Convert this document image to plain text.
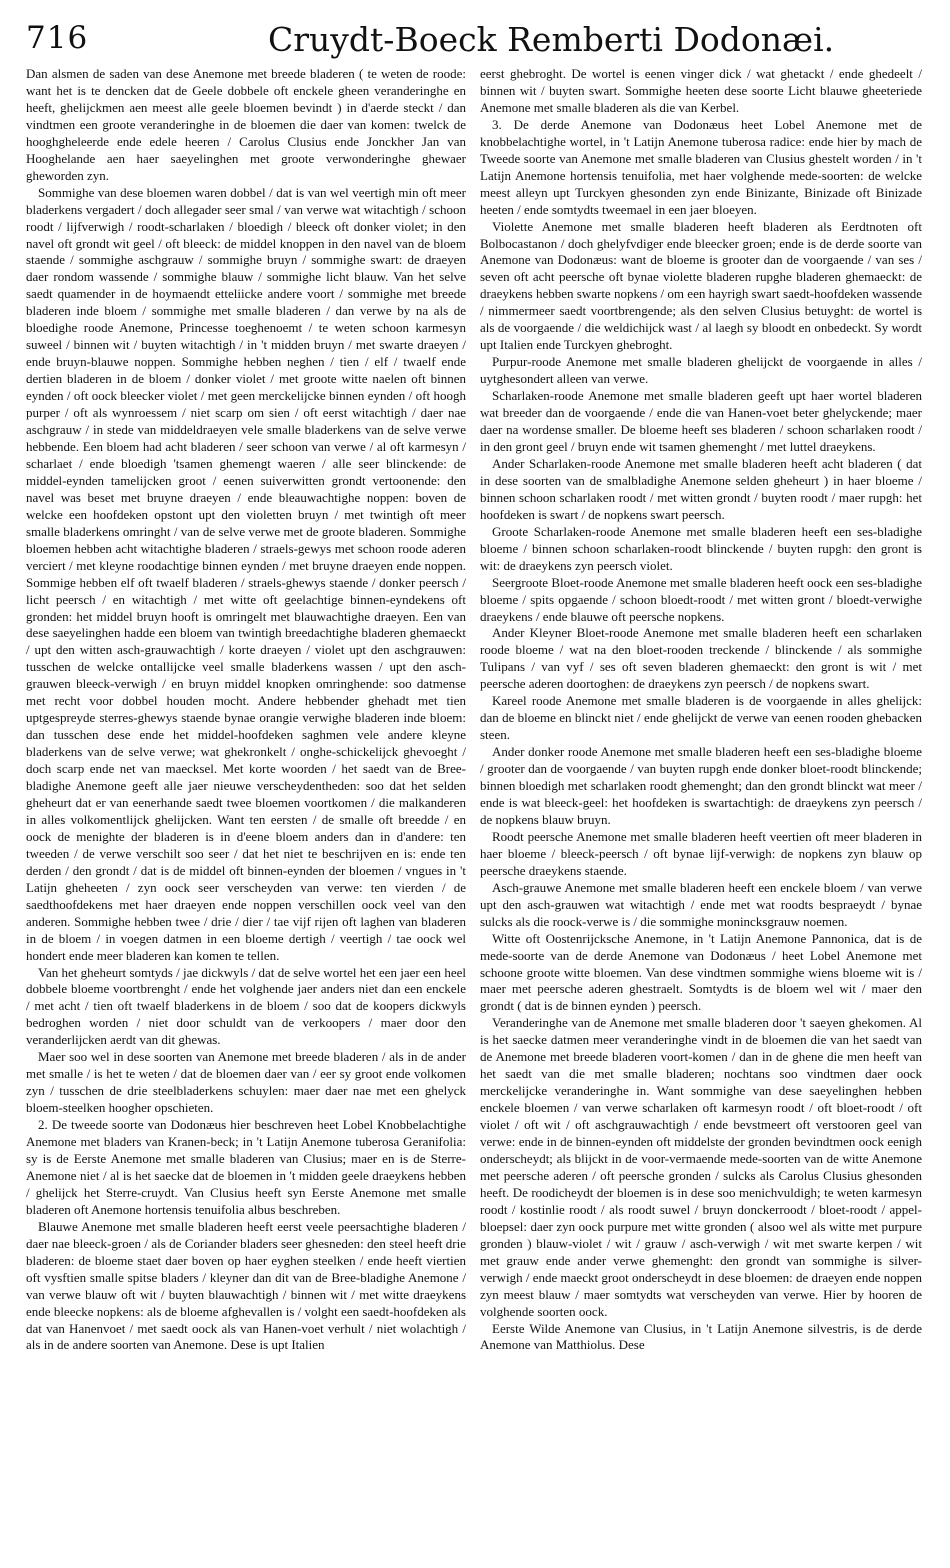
716	Cruydt-Boeck Remberti Dodonæi.

Dan alsmen de saden van dese Anemone met breede bladeren ( te weten de roode: want het is te dencken dat de Geele dobbele oft enckele gheen veranderinghe en heeft, ghelijckmen aen meest alle geele bloemen bevindt ) in d'aerde steckt / dan vindtmen een groote veranderinghe in de bloemen die daer van komen: twelck de hooghgheleerde ende edele heeren / Carolus Clusius ende Jonckher Jan van Hooghelande aen haer saeyelinghen met groote verwonderinghe ghewaer gheworden zyn.

Sommighe van dese bloemen waren dobbel / dat is van wel veertigh min oft meer bladerkens vergadert / doch allegader seer smal / van verwe wat witachtigh / schoon roodt / lijfverwigh / roodt-scharlaken / bloedigh / bleeck oft donker violet; in den navel oft grondt wit geel / oft bleeck: de middel knoppen in den navel van de bloem staende / sommighe aschgrauw / sommighe bruyn / sommighe swart: de draeyen daer rondom wassende / sommighe blauw / sommighe licht blauw. Van het selve saedt quamender in de hoymaendt etteliicke andere voort / sommighe met breede bladeren inde bloem / sommighe met smalle bladeren / dan verwe by na als de bloedighe roode Anemone, Princesse toeghenoemt / te weten schoon karmesyn suweel / binnen wit / buyten witachtigh / in 't midden bruyn / met swarte draeyen / ende bruyn-blauwe noppen. Sommighe hebben neghen / tien / elf / twaelf ende dertien bladeren in de bloem / donker violet / met groote witte naelen oft binnen eynden / oft oock bleecker violet / met geen merckelijcke binnen eynden / oft hoogh purper / oft als wynroessem / niet scarp om sien / oft eerst witachtigh / daer nae aschgrauw / in stede van middeldraeyen vele smalle bladerkens van de selve verwe hebbende. Een bloem had acht bladeren / seer schoon van verwe / al oft karmesyn / scharlaet / ende bloedigh 'tsamen ghemengt waeren / alle seer blinckende: de middel-eynden tamelijcken groot / eenen suiverwitten grondt vertoonende: den navel was beset met bruyne draeyen / ende bleauwachtighe noppen: boven de welcke een hoofdeken opstont upt den violetten bruyn / met twintigh oft meer smalle bladerkens omringht / van de selve verwe met de groote bladeren. Sommighe bloemen hebben acht witachtighe bladeren / straels-gewys met schoon roode aderen verciert / met kleyne roodachtige binnen eynden / met bruyne draeyen ende noppen. Sommige hebben elf oft twaelf bladeren / straels-ghewys staende / donker peersch / licht peersch / en witachtigh / met witte oft geelachtige binnen-eyndekens oft gronden: het middel bruyn hooft is omringelt met blauwachtighe draeyen. Een van dese saeyelinghen hadde een bloem van twintigh breedachtighe bladeren ghemaeckt / upt den witten asch-grauwachtigh / korte draeyen / violet upt den aschgrauwen: tusschen de welcke ontallijcke veel smalle bladerkens wassen / upt den asch-grauwen bleeck-verwigh / en bruyn middel knopken omringhende: soo datmense met recht voor dobbel houden mocht. Andere hebbender ghehadt met tien uptgespreyde sterres-ghewys staende bynae orangie verwighe bladeren inde bloem: dan tusschen dese ende het middel-hoofdeken saghmen vele andere kleyne bladerkens van de selve verwe; wat ghekronkelt / onghe-schickelijck ghevoeght / doch scarp ende net van maecksel. Met korte woorden / het saedt van de Bree-bladighe Anemone geeft alle jaer nieuwe verscheydentheden: soo dat het selden gheheurt dat er van eenerhande saedt twee bloemen voortkomen / die malkanderen in alles volkomentlijck ghelijcken. Want ten eersten / de smalle oft breedde / en oock de menighte der bladeren is in d'eene bloem anders dan in d'andere: ten tweeden / de verwe verschilt soo seer / dat het niet te beschrijven en is: ende ten derden / den grondt / dat is de middel oft binnen-eynden der bloemen / vngues in 't Latijn gheheeten / zyn oock seer verscheyden van verwe: ten vierden / de saedthoofdekens met haer draeyen ende noppen verschillen oock veel van den anderen. Sommighe hebben twee / drie / dier / tae vijf rijen oft laghen van bladeren in de bloem / in voegen datmen in een bloeme dertigh / veertigh / tae oock wel hondert ende meer bladeren kan komen te tellen.

Van het gheheurt somtyds / jae dickwyls / dat de selve wortel het een jaer een heel dobbele bloeme voortbrenght / ende het volghende jaer anders niet dan een enckele / met acht / tien oft twaelf bladerkens in de bloem / soo dat de koopers dickwyls bedroghen worden / niet door schuldt van de verkoopers / maer door den veranderlijcken aerdt van dit ghewas.

Maer soo wel in dese soorten van Anemone met breede bladeren / als in de ander met smalle / is het te weten / dat de bloemen daer van / eer sy groot ende volkomen zyn / tusschen de drie steelbladerkens schuylen: maer daer nae met een ghelyck bloem-steelken hoogher opschieten.

2. De tweede soorte van Dodonæus hier beschreven heet Lobel Knobbelachtighe Anemone met bladers van Kranen-beck; in 't Latijn Anemone tuberosa Geranifolia: sy is de Eerste Anemone met smalle bladeren van Clusius; maer en is de Sterre-Anemone niet / al is het saecke dat de bloemen in 't midden geele draeykens hebben / ghelijck het Sterre-cruydt. Van Clusius heeft syn Eerste Anemone met smalle bladeren oft Anemone hortensis tenuifolia albus beschreben.

Blauwe Anemone met smalle bladeren heeft eerst veele peersachtighe bladeren / daer nae bleeck-groen / als de Coriander bladers seer ghesneden: den steel heeft drie bladeren: de bloeme staet daer boven op haer eyghen steelken / ende heeft viertien oft vysftien smalle spitse bladers / kleyner dan dit van de Bree-bladighe Anemone / van verwe blauw oft wit / buyten blauwachtigh / binnen wit / met witte draeykens ende bleecke nopkens: als de bloeme afghevallen is / volght een saedt-hoofdeken als dat van Hanenvoet / met saedt oock als van Hanen-voet verhult / niet wolachtigh / als in de andere soorten van Anemone. Dese is upt Italien

eerst ghebroght. De wortel is eenen vinger dick / wat ghetackt / ende ghedeelt / binnen wit / buyten swart. Sommighe heeten dese soorte Licht blauwe gheeteriede Anemone met smalle bladeren als die van Kerbel.

3. De derde Anemone van Dodonæus heet Lobel Anemone met de knobbelachtighe wortel, in 't Latijn Anemone tuberosa radice: ende hier by mach de Tweede soorte van Anemone met smalle bladeren van Clusius ghestelt worden / in 't Latijn Anemone hortensis tenuifolia, met haer volghende mede-soorten: de welcke meest alleyn upt Turckyen ghesonden zyn ende Binizante, Binizade oft Binizade heeten / ende somtydts tweemael in een jaer bloeyen.

Violette Anemone met smalle bladeren heeft bladeren als Eerdtnoten oft Bolbocastanon / doch ghelyfvdiger ende bleecker groen; ende is de derde soorte van Anemone van Dodonæus: want de bloeme is grooter dan de voorgaende / van ses / seven oft acht peersche oft bynae violette bladeren rupghe bladeren ghemaeckt: de draeykens hebben swarte nopkens / om een hayrigh swart saedt-hoofdeken wassende / nimmermeer saedt voortbrengende; als den selven Clusius betuyght: de wortel is als de voorgaende / die weldichijck wast / al laegh sy bloodt en onbedeckt. Sy wordt upt Italien ende Turckyen ghebroght.

Purpur-roode Anemone met smalle bladeren ghelijckt de voorgaende in alles / uytghesondert alleen van verwe.

Scharlaken-roode Anemone met smalle bladeren geeft upt haer wortel bladeren wat breeder dan de voorgaende / ende die van Hanen-voet beter ghelyckende; maer daer na wordense smaller. De bloeme heeft ses bladeren / schoon scharlaken roodt / in den gront geel / bruyn ende wit tsamen ghemenght / met luttel draeykens.

Ander Scharlaken-roode Anemone met smalle bladeren heeft acht bladeren ( dat in dese soorten van de smalbladighe Anemone selden gheheurt ) in haer bloeme / binnen schoon scharlaken roodt / met witten grondt / buyten roodt / maer rupgh: het hoofdeken is swart / de nopkens swart peersch.

Groote Scharlaken-roode Anemone met smalle bladeren heeft een ses-bladighe bloeme / binnen schoon scharlaken-roodt blinckende / buyten rupgh: den gront is wit: de draeykens zyn peersch violet.

Seergroote Bloet-roode Anemone met smalle bladeren heeft oock een ses-bladighe bloeme / spits opgaende / schoon bloedt-roodt / met witten gront / bloedt-verwighe draeykens / ende blauwe oft peersche nopkens.

Ander Kleyner Bloet-roode Anemone met smalle bladeren heeft een scharlaken roode bloeme / wat na den bloet-rooden treckende / blinckende / als sommighe Tulipans / van vyf / ses oft seven bladeren ghemaeckt: den gront is wit / met peersche aderen doortoghen: de draeykens zyn peersch / de nopkens swart.

Kareel roode Anemone met smalle bladeren is de voorgaende in alles ghelijck: dan de bloeme en blinckt niet / ende ghelijckt de verwe van eenen rooden ghebacken steen.

Ander donker roode Anemone met smalle bladeren heeft een ses-bladighe bloeme / grooter dan de voorgaende / van buyten rupgh ende donker bloet-roodt blinckende; binnen bloedigh met scharlaken roodt ghemenght; dan den grondt blinckt wat meer / ende is wat bleeck-geel: het hoofdeken is swartachtigh: de draeykens zyn peersch / de nopkens blauw bruyn.

Roodt peersche Anemone met smalle bladeren heeft veertien oft meer bladeren in haer bloeme / bleeck-peersch / oft bynae lijf-verwigh: de nopkens zyn blauw op peersche draeykens staende.

Asch-grauwe Anemone met smalle bladeren heeft een enckele bloem / van verwe upt den asch-grauwen wat witachtigh / ende met wat roodts bespraeydt / bynae sulcks als die roock-verwe is / die sommighe monincksgrauw noemen.

Witte oft Oostenrijcksche Anemone, in 't Latijn Anemone Pannonica, dat is de mede-soorte van de derde Anemone van Dodonæus / heet Lobel Anemone met schoone groote witte bloemen. Van dese vindtmen sommighe wiens bloeme wit is / maer met peersche aderen ghestraelt. Somtydts is de bloem wel wit / maer den grondt ( dat is de binnen eynden ) peersch.

Veranderinghe van de Anemone met smalle bladeren door 't saeyen ghekomen. Al is het saecke datmen meer veranderinghe vindt in de bloemen die van het saedt van de Anemone met breede bladeren voort-komen / dan in de ghene die men heeft van het saedt van die met smalle bladeren; nochtans soo vindtmen daer oock merckelijcke veranderinghe in. Want sommighe van dese saeyelinghen hebben enckele bloemen / van verwe scharlaken oft karmesyn roodt / oft bloet-roodt / oft violet / oft wit / oft aschgrauwachtigh / ende bevstmeert oft verstooren geel van verwe: ende in de binnen-eynden oft middelste der gronden bevindtmen oock eenigh onderscheydt; als blijckt in de voor-vermaende mede-soorten van de witte Anemone met peersche aderen / oft peersche gronden / sulcks als Carolus Clusius ghesonden heeft. De roodicheydt der bloemen is in dese soo menichvuldigh; te weten karmesyn roodt / kostinlie roodt / als roodt suwel / bruyn donckerroodt / bloet-roodt / appel-bloepsel: daer zyn oock purpure met witte gronden ( alsoo wel als witte met purpure gronden ) blauw-violet / wit / grauw / asch-verwigh / wit met swarte kerpen / wit met grauw ende ander verwe ghemenght: den grondt van sommighe is silver-verwigh / ende maeckt groot onderscheydt in dese bloemen: de draeyen ende noppen zyn meest blauw / maer somtydts wat verscheyden van verwe. Hier by hooren de volghende soorten oock.

Eerste Wilde Anemone van Clusius, in 't Latijn Anemone silvestris, is de derde Anemone van Matthiolus. Dese
